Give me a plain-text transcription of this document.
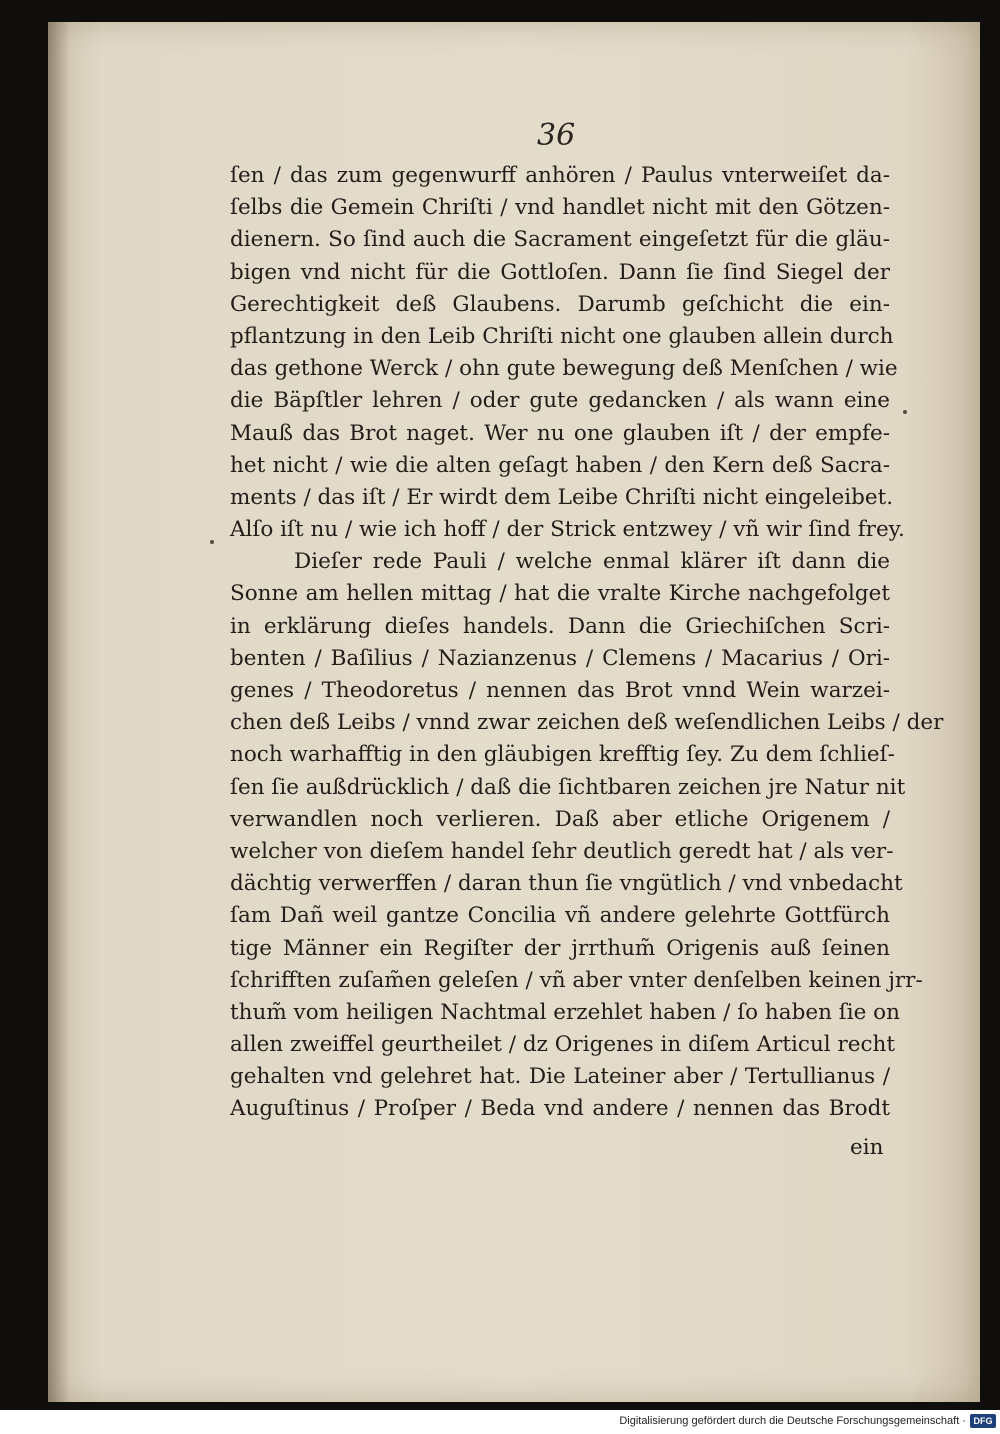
36
ſen / das zum gegenwurff anhören / Paulus vnterweiſet da-
ſelbs die Gemein Chriſti / vnd handlet nicht mit den Götzen-
dienern. So ſind auch die Sacrament eingeſetzt für die gläu-
bigen vnd nicht für die Gottloſen. Dann ſie ſind Siegel der
Gerechtigkeit deß Glaubens. Darumb geſchicht die ein-
pflantzung in den Leib Chriſti nicht one glauben allein durch
das gethone Werck / ohn gute bewegung deß Menſchen / wie
die Bäpſtler lehren / oder gute gedancken / als wann eine
Mauß das Brot naget. Wer nu one glauben iſt / der empfe-
het nicht / wie die alten geſagt haben / den Kern deß Sacra-
ments / das iſt / Er wirdt dem Leibe Chriſti nicht eingeleibet.
Alſo iſt nu / wie ich hoff / der Strick entzwey / vñ wir ſind frey.
Dieſer rede Pauli / welche enmal klärer iſt dann die
Sonne am hellen mittag / hat die vralte Kirche nachgefolget
in erklärung dieſes handels. Dann die Griechiſchen Scri-
benten / Baſilius / Nazianzenus / Clemens / Macarius / Ori-
genes / Theodoretus / nennen das Brot vnnd Wein warzei-
chen deß Leibs / vnnd zwar zeichen deß weſendlichen Leibs / der
noch warhafftig in den gläubigen krefftig ſey. Zu dem ſchlieſ-
ſen ſie außdrücklich / daß die ſichtbaren zeichen jre Natur nit
verwandlen noch verlieren. Daß aber etliche Origenem /
welcher von dieſem handel ſehr deutlich geredt hat / als ver-
dächtig verwerffen / daran thun ſie vngütlich / vnd vnbedacht
ſam Dañ weil gantze Concilia vñ andere gelehrte Gottfürch
tige Männer ein Regiſter der jrrthum̃ Origenis auß ſeinen
ſchrifften zuſam̃en geleſen / vñ aber vnter denſelben keinen jrr-
thum̃ vom heiligen Nachtmal erzehlet haben / ſo haben ſie on
allen zweiffel geurtheilet / dz Origenes in diſem Articul recht
gehalten vnd gelehret hat. Die Lateiner aber / Tertullianus /
Auguſtinus / Proſper / Beda vnd andere / nennen das Brodt
ein
Digitalisierung gefördert durch die Deutsche Forschungsgemeinschaft · DFG
